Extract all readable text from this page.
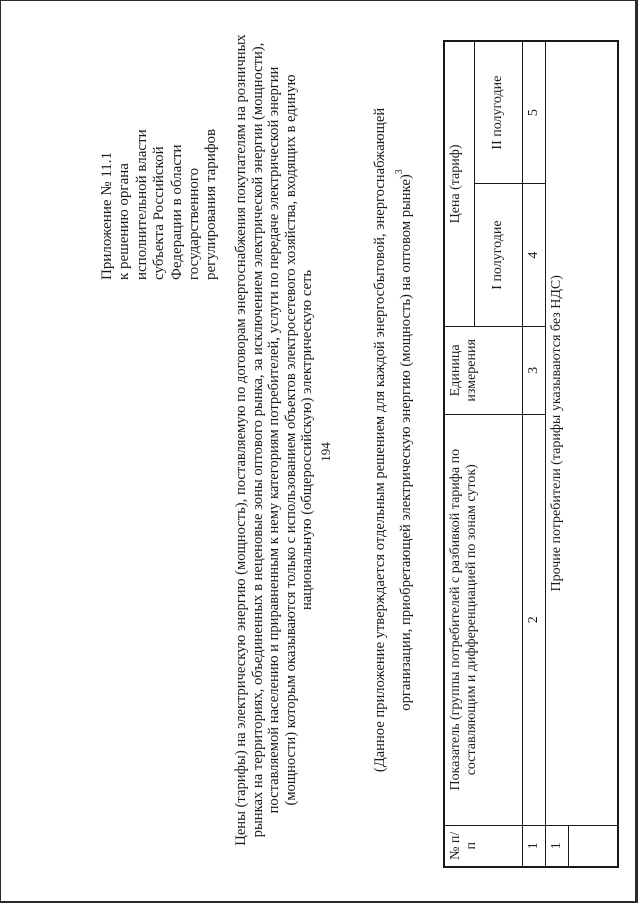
194
Приложение № 11.1 к решению органа исполнительной власти субъекта Российской Федерации в области государственного регулирования тарифов Цены (тарифы) на электрическую энергию (мощность), поставляемую по договорам энергоснабжения покупателям на розничных рынках на территориях, объединенных в неценовые зоны оптового рынка, за исключением электрической энергии (мощности), поставляемой населению и приравненным к нему категориям потребителей, услуги по передаче электрической энергии (мощности) которым оказываются только с использованием объектов электросетевого хозяйства, входящих в единую национальную (общероссийскую) электрическую сеть	(Данное приложение утверждается отдельным решением для каждой энергосбытовой, энергоснабжающей организации, приобретающей электрическую энергию (мощность) на оптовом рынке)$^3$
№ п/п	Показатель (группы потребителей с разбивкой тарифа по составляющим и дифференциацией по зонам суток)	Единица измерения	Цена (тариф)	
			I полугодие	II полугодие
1	2	3	4	5
1	Прочие потребители (тарифы указываются без НДС)			
